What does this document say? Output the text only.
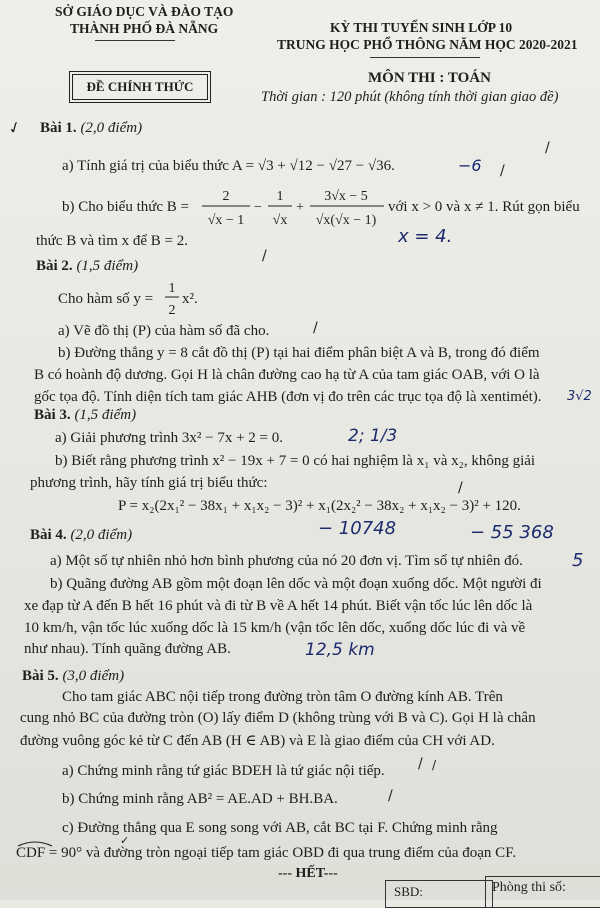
SỞ GIÁO DỤC VÀ ĐÀO TẠO
THÀNH PHỐ ĐÀ NẴNG	KỲ THI TUYỂN SINH LỚP 10
TRUNG HỌC PHỔ THÔNG NĂM HỌC 2020-2021
ĐỀ CHÍNH THỨC
MÔN THI : TOÁN
Thời gian : 120 phút (không tính thời gian giao đề)
Bài 1. (2,0 điểm)
a) Tính giá trị của biểu thức A = √3 + √12 − √27 − √36.
b) Cho biểu thức B =
2
√x − 1
−
1
√x
+
3√x − 5
√x(√x − 1)
với x > 0 và x ≠ 1. Rút gọn biểu
thức B và tìm x để B = 2.
Bài 2. (1,5 điểm)
Cho hàm số y =
1
2
x².
a) Vẽ đồ thị (P) của hàm số đã cho.
b) Đường thẳng y = 8 cắt đồ thị (P) tại hai điểm phân biệt A và B, trong đó điểm
B có hoành độ dương. Gọi H là chân đường cao hạ từ A của tam giác OAB, với O là
gốc tọa độ. Tính diện tích tam giác AHB (đơn vị đo trên các trục tọa độ là xentimét).
Bài 3. (1,5 điểm)
a) Giải phương trình 3x² − 7x + 2 = 0.
b) Biết rằng phương trình x² − 19x + 7 = 0 có hai nghiệm là x₁ và x₂, không giải
phương trình, hãy tính giá trị biểu thức:
P = x₂(2x₁² − 38x₁ + x₁x₂ − 3)² + x₁(2x₂² − 38x₂ + x₁x₂ − 3)² + 120.
Bài 4. (2,0 điểm)
a) Một số tự nhiên nhỏ hơn bình phương của nó 20 đơn vị. Tìm số tự nhiên đó.
b) Quãng đường AB gồm một đoạn lên dốc và một đoạn xuống dốc. Một người đi
xe đạp từ A đến B hết 16 phút và đi từ B về A hết 14 phút. Biết vận tốc lúc lên dốc là
10 km/h, vận tốc lúc xuống dốc là 15 km/h (vận tốc lên dốc, xuống dốc lúc đi và về
như nhau). Tính quãng đường AB.
Bài 5. (3,0 điểm)
Cho tam giác ABC nội tiếp trong đường tròn tâm O đường kính AB. Trên
cung nhỏ BC của đường tròn (O) lấy điểm D (không trùng với B và C). Gọi H là chân
đường vuông góc kẻ từ C đến AB (H ∈ AB) và E là giao điểm của CH với AD.
a) Chứng minh rằng tứ giác BDEH là tứ giác nội tiếp.
b) Chứng minh rằng AB² = AE.AD + BH.BA.
c) Đường thẳng qua E song song với AB, cắt BC tại F. Chứng minh rằng
CDF = 90° và đường tròn ngoại tiếp tam giác OBD đi qua trung điểm của đoạn CF.
--- HẾT---
SBD:	Phòng thi số:
−6
x = 4.
3√2
2; 1/3
− 10748	− 55 368
5
12,5 km
✓
/
/
/
/
/
/
/
/
✓
